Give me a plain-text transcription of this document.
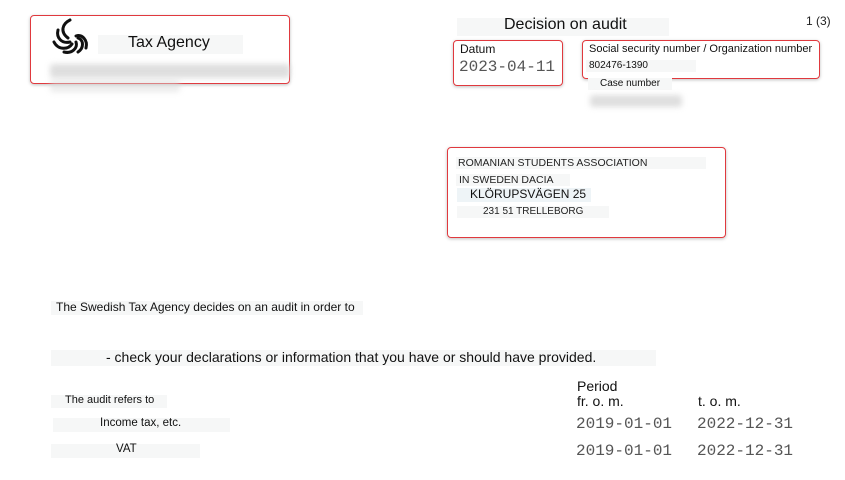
Tax Agency
Decision on audit	1 (3)
Datum
2023-04-11
Social security number / Organization number
802476-1390
Case number
ROMANIAN STUDENTS ASSOCIATION
IN SWEDEN DACIA
KLÖRUPSVÄGEN 25
231 51 TRELLEBORG
The Swedish Tax Agency decides on an audit in order to
- check your declarations or information that you have or should have provided.
The audit refers to
Period
fr. o. m.	t. o. m.
Income tax, etc.	2019-01-01 2022-12-31
VAT	2019-01-01 2022-12-31
